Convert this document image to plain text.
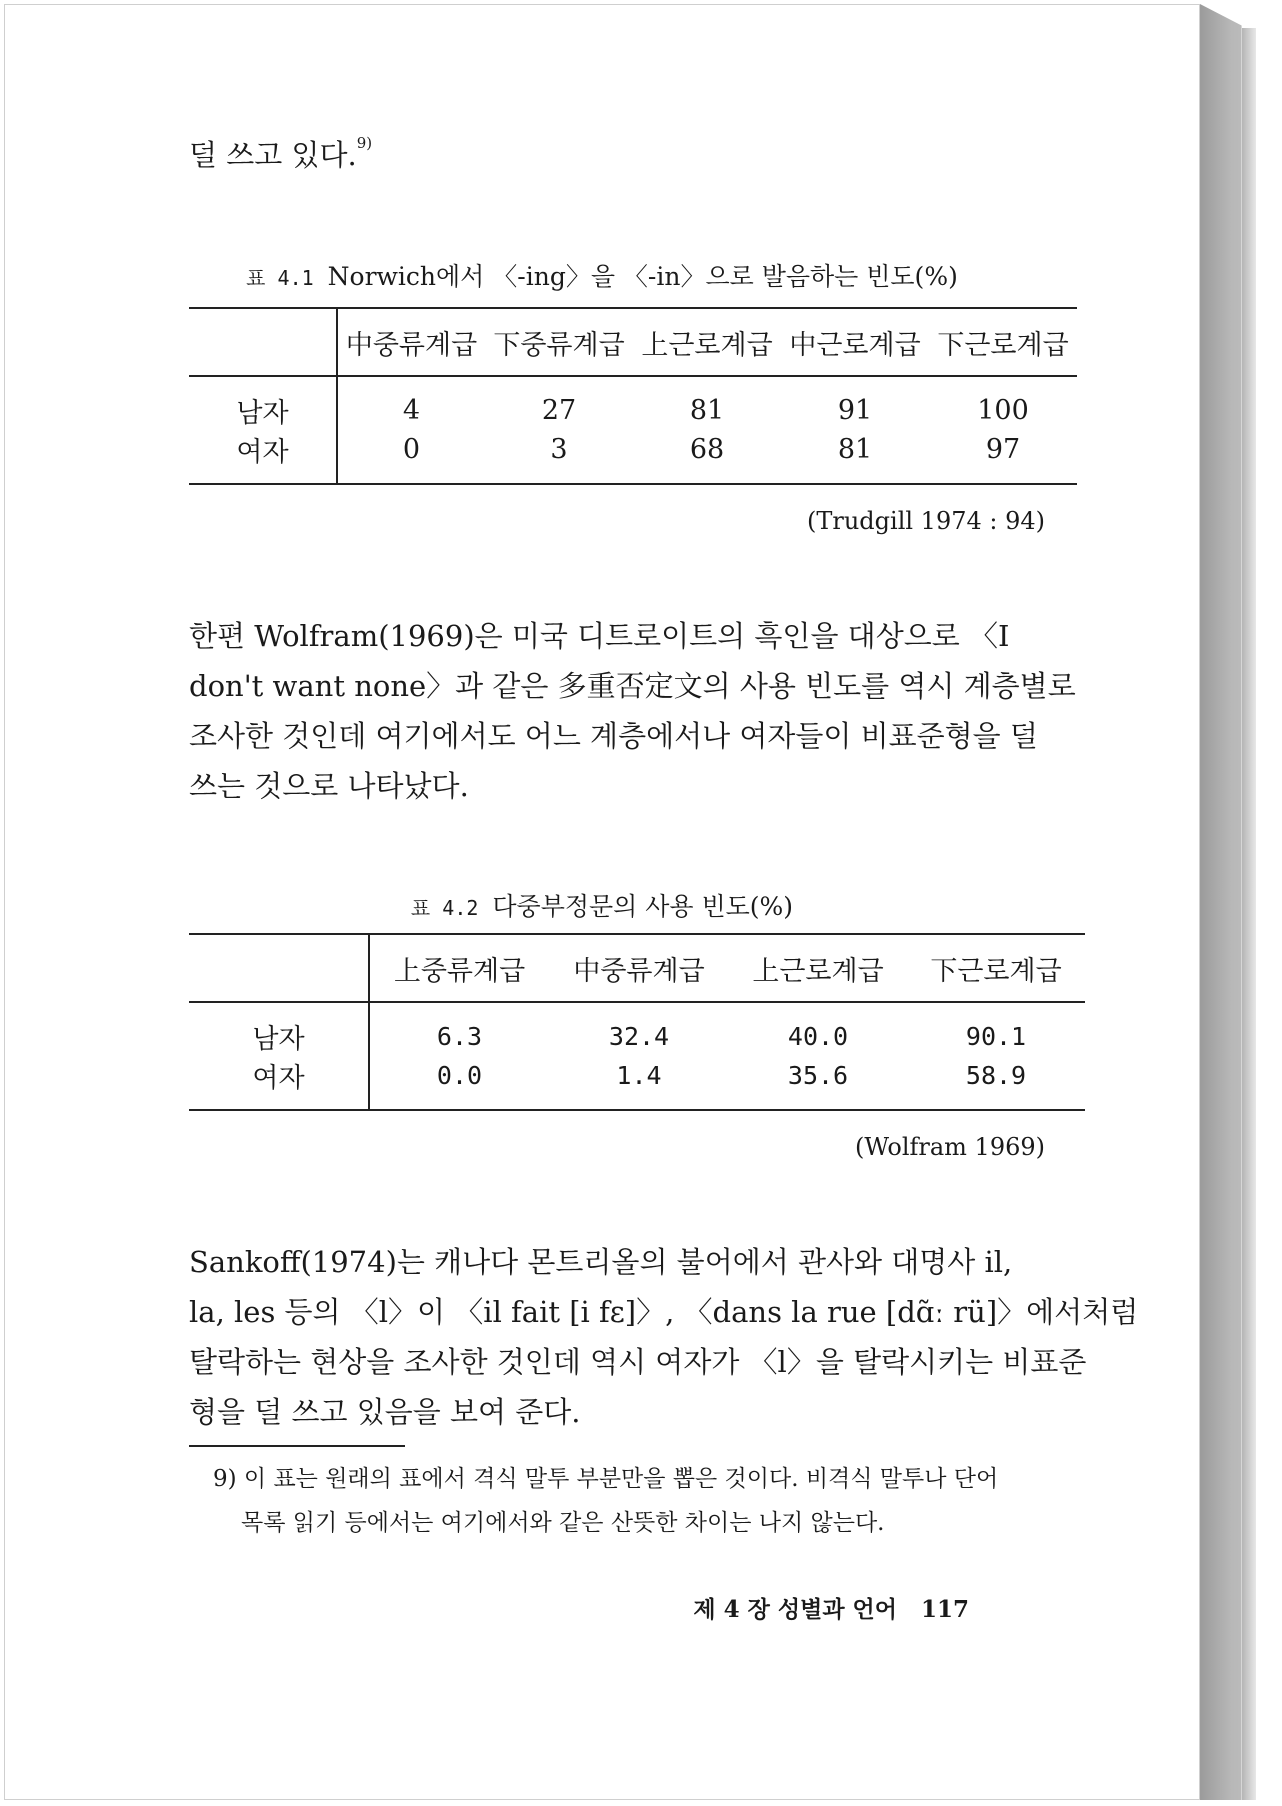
덜 쓰고 있다.$^{9)}$
표 4.1 Norwich에서 〈-ing〉을 〈-in〉으로 발음하는 빈도(%)
	中중류계급	下중류계급	上근로계급	中근로계급	下근로계급
남자	4	27	81	91	100
여자	0	3	68	81	97
(Trudgill 1974 : 94)
한편 Wolfram(1969)은 미국 디트로이트의 흑인을 대상으로 〈I
don't want none〉과 같은 多重否定文의 사용 빈도를 역시 계층별로
조사한 것인데 여기에서도 어느 계층에서나 여자들이 비표준형을 덜
쓰는 것으로 나타났다.
표 4.2 다중부정문의 사용 빈도(%)
	上중류계급	中중류계급	上근로계급	下근로계급
남자	6.3	32.4	40.0	90.1
여자	0.0	1.4	35.6	58.9
(Wolfram 1969)
Sankoff(1974)는 캐나다 몬트리올의 불어에서 관사와 대명사 il,
la, les 등의 〈l〉이 〈il fait [i fɛ]〉, 〈dans la rue [dɑ̃ː rü]〉에서처럼
탈락하는 현상을 조사한 것인데 역시 여자가 〈l〉을 탈락시키는 비표준
형을 덜 쓰고 있음을 보여 준다.
9) 이 표는 원래의 표에서 격식 말투 부분만을 뽑은 것이다. 비격식 말투나 단어
목록 읽기 등에서는 여기에서와 같은 산뜻한 차이는 나지 않는다.
제 4 장 성별과 언어 117
